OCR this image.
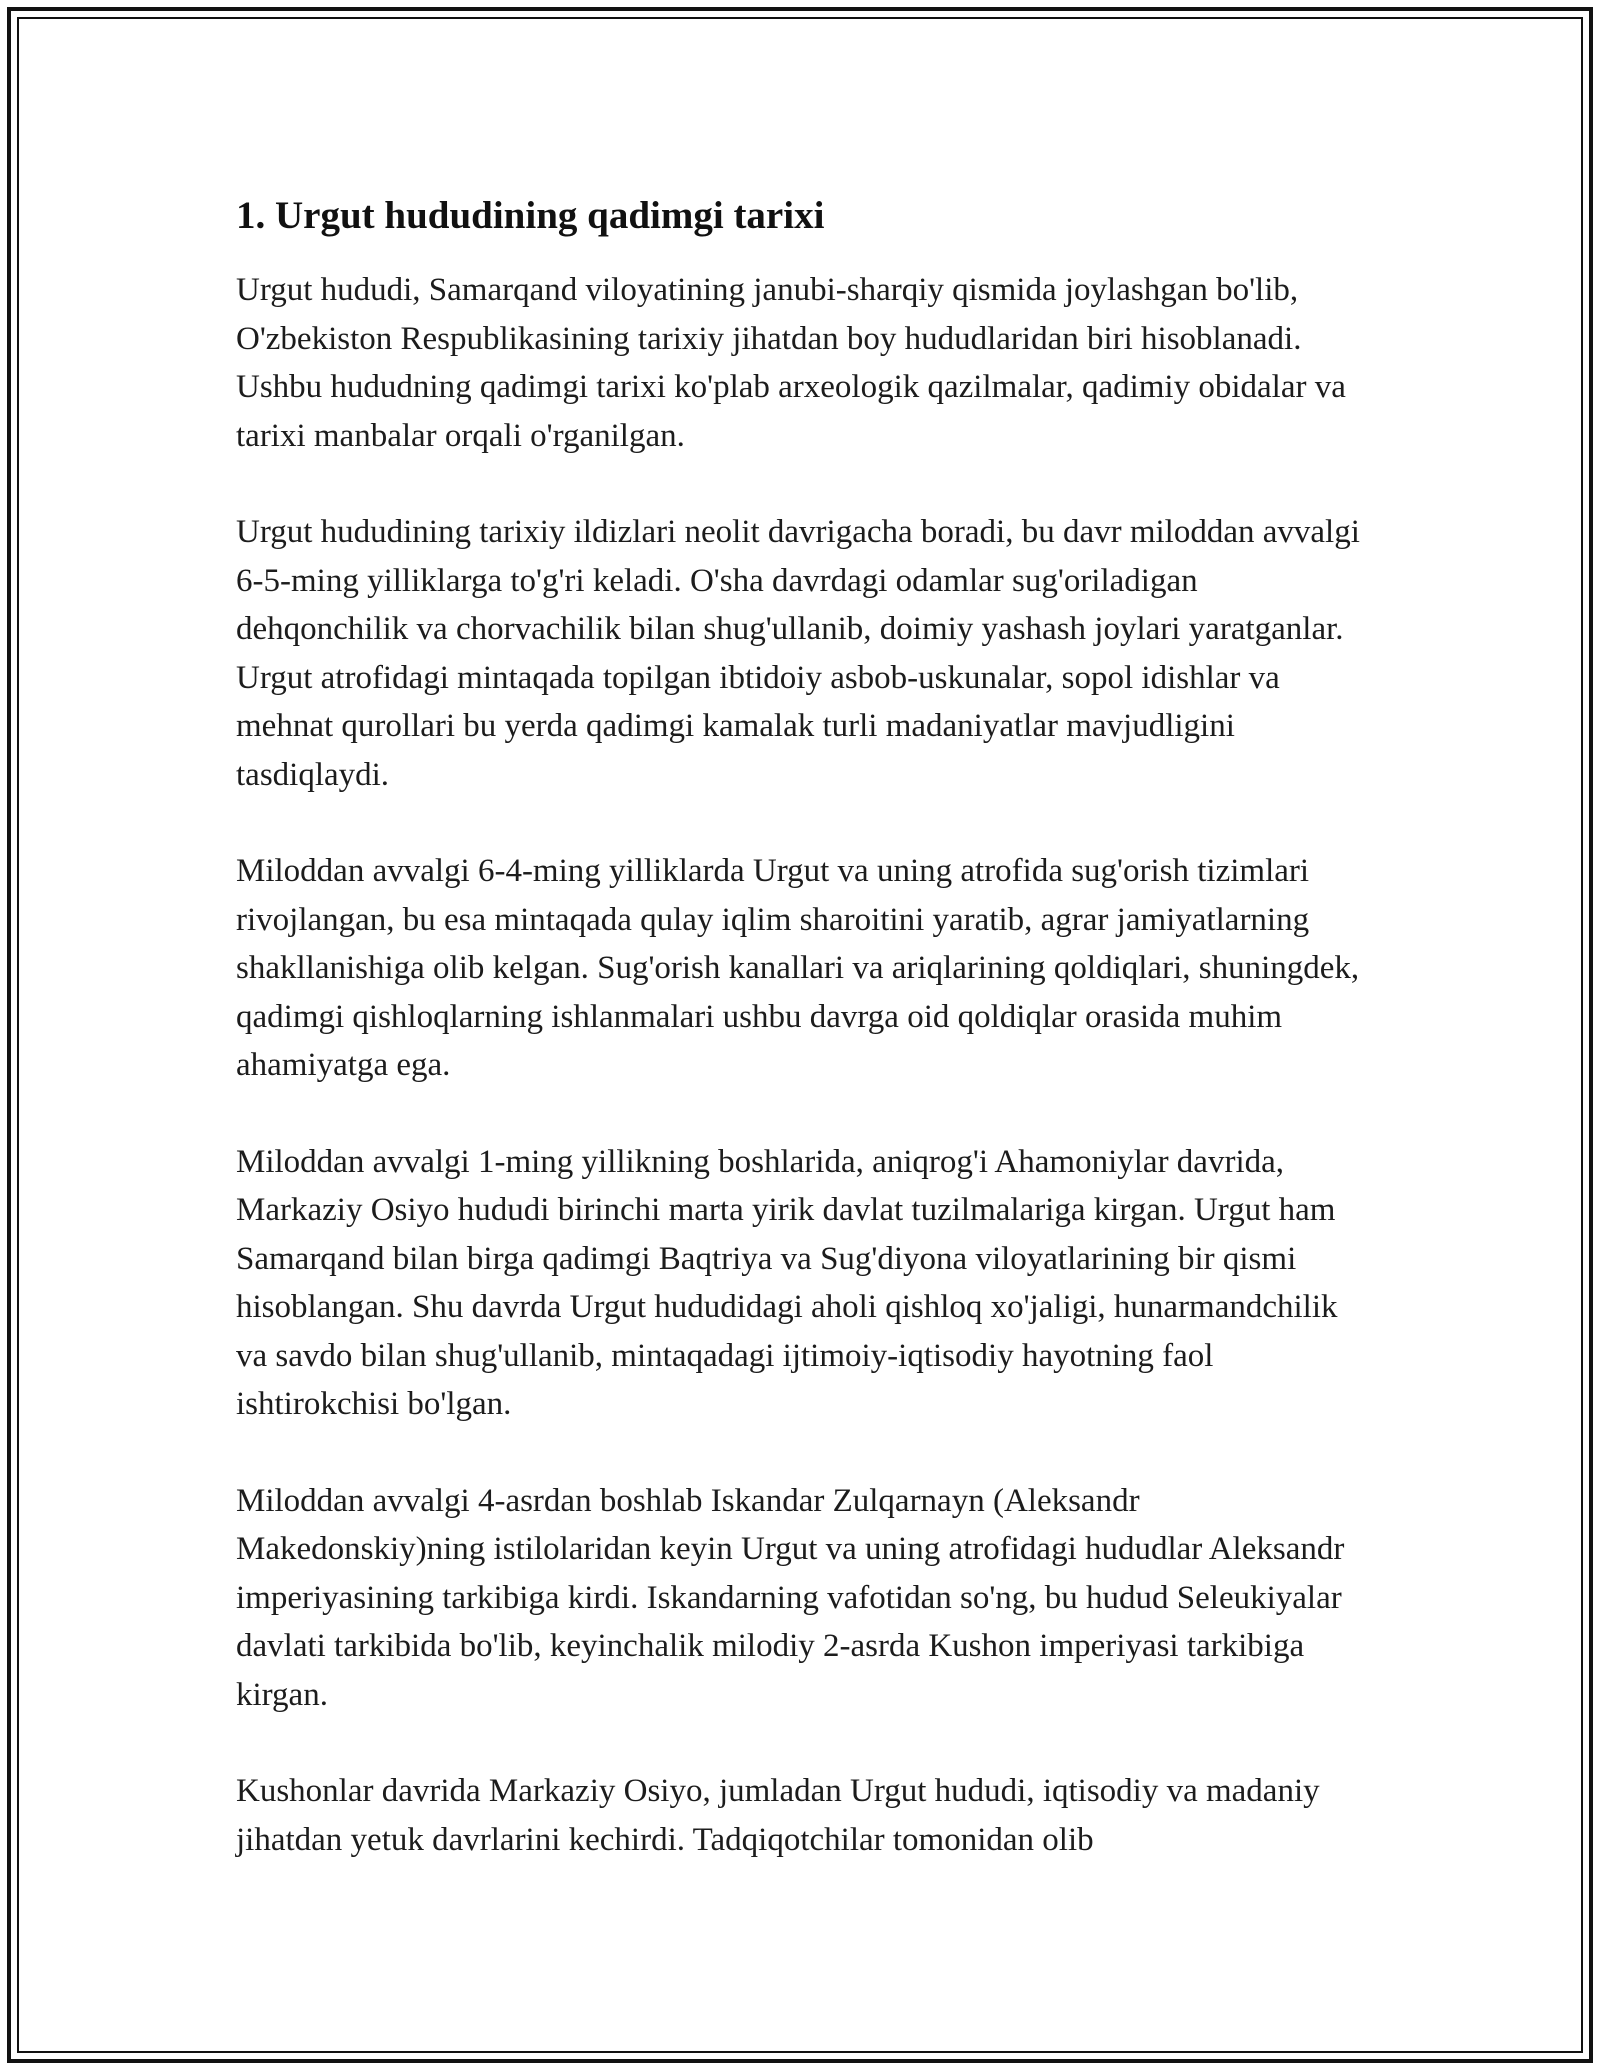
1. Urgut hududining qadimgi tarixi

Urgut hududi, Samarqand viloyatining janubi-sharqiy qismida joylashgan bo'lib, O'zbekiston Respublikasining tarixiy jihatdan boy hududlaridan biri hisoblanadi. Ushbu hududning qadimgi tarixi ko'plab arxeologik qazilmalar, qadimiy obidalar va tarixi manbalar orqali o'rganilgan.

Urgut hududining tarixiy ildizlari neolit davrigacha boradi, bu davr miloddan avvalgi 6-5-ming yilliklarga to'g'ri keladi. O'sha davrdagi odamlar sug'oriladigan dehqonchilik va chorvachilik bilan shug'ullanib, doimiy yashash joylari yaratganlar. Urgut atrofidagi mintaqada topilgan ibtidoiy asbob-uskunalar, sopol idishlar va mehnat qurollari bu yerda qadimgi kamalak turli madaniyatlar mavjudligini tasdiqlaydi.

Miloddan avvalgi 6-4-ming yilliklarda Urgut va uning atrofida sug'orish tizimlari rivojlangan, bu esa mintaqada qulay iqlim sharoitini yaratib, agrar jamiyatlarning shakllanishiga olib kelgan. Sug'orish kanallari va ariqlarining qoldiqlari, shuningdek, qadimgi qishloqlarning ishlanmalari ushbu davrga oid qoldiqlar orasida muhim ahamiyatga ega.

Miloddan avvalgi 1-ming yillikning boshlarida, aniqrog'i Ahamoniylar davrida, Markaziy Osiyo hududi birinchi marta yirik davlat tuzilmalariga kirgan. Urgut ham Samarqand bilan birga qadimgi Baqtriya va Sug'diyona viloyatlarining bir qismi hisoblangan. Shu davrda Urgut hududidagi aholi qishloq xo'jaligi, hunarmandchilik va savdo bilan shug'ullanib, mintaqadagi ijtimoiy-iqtisodiy hayotning faol ishtirokchisi bo'lgan.

Miloddan avvalgi 4-asrdan boshlab Iskandar Zulqarnayn (Aleksandr Makedonskiy)ning istilolaridan keyin Urgut va uning atrofidagi hududlar Aleksandr imperiyasining tarkibiga kirdi. Iskandarning vafotidan so'ng, bu hudud Seleukiyalar davlati tarkibida bo'lib, keyinchalik milodiy 2-asrda Kushon imperiyasi tarkibiga kirgan.

Kushonlar davrida Markaziy Osiyo, jumladan Urgut hududi, iqtisodiy va madaniy jihatdan yetuk davrlarini kechirdi. Tadqiqotchilar tomonidan olib
